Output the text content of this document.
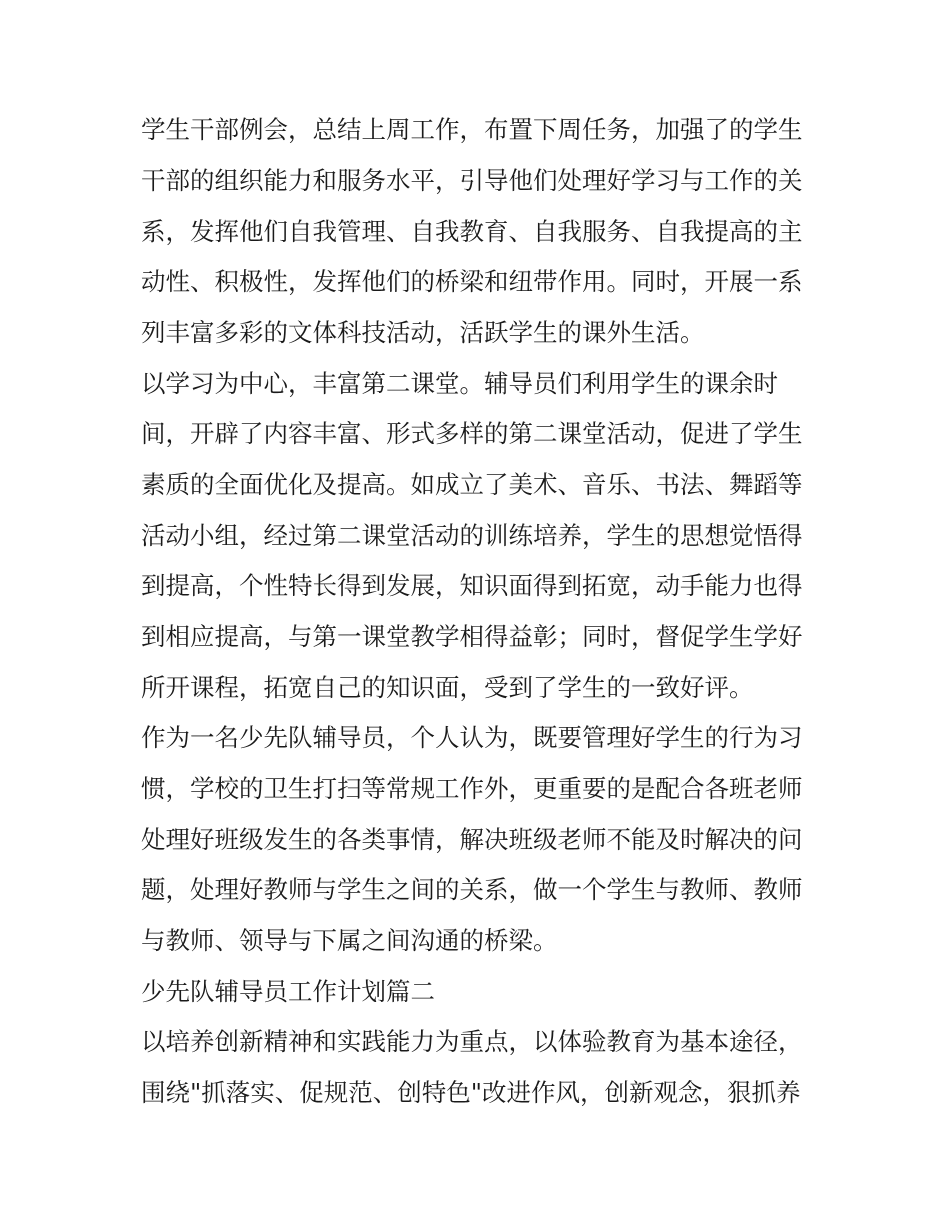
学生干部例会，总结上周工作，布置下周任务，加强了的学生
干部的组织能力和服务水平，引导他们处理好学习与工作的关
系，发挥他们自我管理、自我教育、自我服务、自我提高的主
动性、积极性，发挥他们的桥梁和纽带作用。同时，开展一系
列丰富多彩的文体科技活动，活跃学生的课外生活。
以学习为中心，丰富第二课堂。辅导员们利用学生的课余时
间，开辟了内容丰富、形式多样的第二课堂活动，促进了学生
素质的全面优化及提高。如成立了美术、音乐、书法、舞蹈等
活动小组，经过第二课堂活动的训练培养，学生的思想觉悟得
到提高，个性特长得到发展，知识面得到拓宽，动手能力也得
到相应提高，与第一课堂教学相得益彰；同时，督促学生学好
所开课程，拓宽自己的知识面，受到了学生的一致好评。
作为一名少先队辅导员，个人认为，既要管理好学生的行为习
惯，学校的卫生打扫等常规工作外，更重要的是配合各班老师
处理好班级发生的各类事情，解决班级老师不能及时解决的问
题，处理好教师与学生之间的关系，做一个学生与教师、教师
与教师、领导与下属之间沟通的桥梁。
少先队辅导员工作计划篇二
以培养创新精神和实践能力为重点，以体验教育为基本途径，
围绕"抓落实、促规范、创特色"改进作风，创新观念，狠抓养
